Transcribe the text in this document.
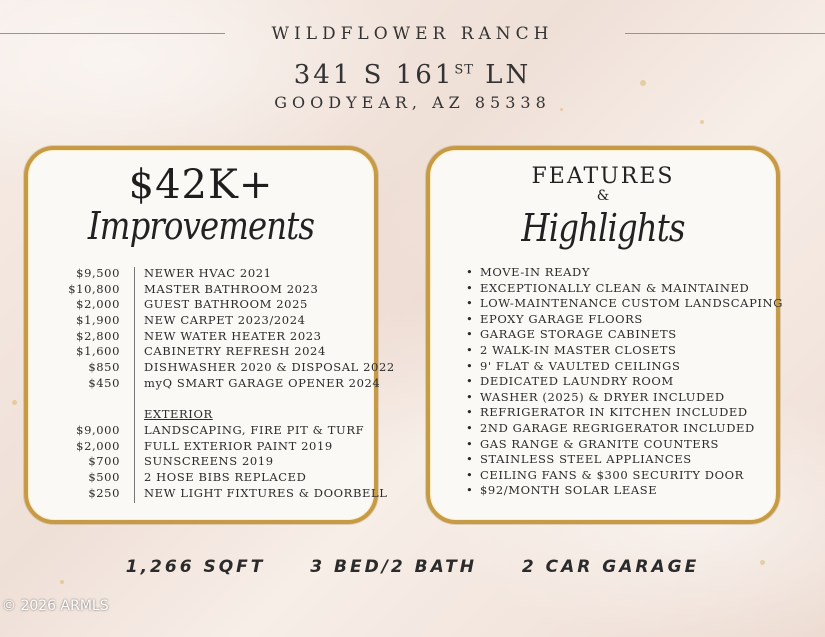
WILDFLOWER RANCH
341 S 161ST LN
GOODYEAR, AZ 85338
$42K+
Improvements
$9,500 NEWER HVAC 2021
$10,800 MASTER BATHROOM 2023
$2,000 GUEST BATHROOM 2025
$1,900 NEW CARPET 2023/2024
$2,800 NEW WATER HEATER 2023
$1,600 CABINETRY REFRESH 2024
$850 DISHWASHER 2020 & DISPOSAL 2022
$450 myQ SMART GARAGE OPENER 2024
EXTERIOR
$9,000 LANDSCAPING, FIRE PIT & TURF
$2,000 FULL EXTERIOR PAINT 2019
$700 SUNSCREENS 2019
$500 2 HOSE BIBS REPLACED
$250 NEW LIGHT FIXTURES & DOORBELL
FEATURES
&
Highlights
• MOVE-IN READY
• EXCEPTIONALLY CLEAN & MAINTAINED
• LOW-MAINTENANCE CUSTOM LANDSCAPING
• EPOXY GARAGE FLOORS
• GARAGE STORAGE CABINETS
• 2 WALK-IN MASTER CLOSETS
• 9' FLAT & VAULTED CEILINGS
• DEDICATED LAUNDRY ROOM
• WASHER (2025) & DRYER INCLUDED
• REFRIGERATOR IN KITCHEN INCLUDED
• 2ND GARAGE REGRIGERATOR INCLUDED
• GAS RANGE & GRANITE COUNTERS
• STAINLESS STEEL APPLIANCES
• CEILING FANS & $300 SECURITY DOOR
• $92/MONTH SOLAR LEASE
1,266 SQFT	3 BED/2 BATH	2 CAR GARAGE
© 2026 ARMLS
